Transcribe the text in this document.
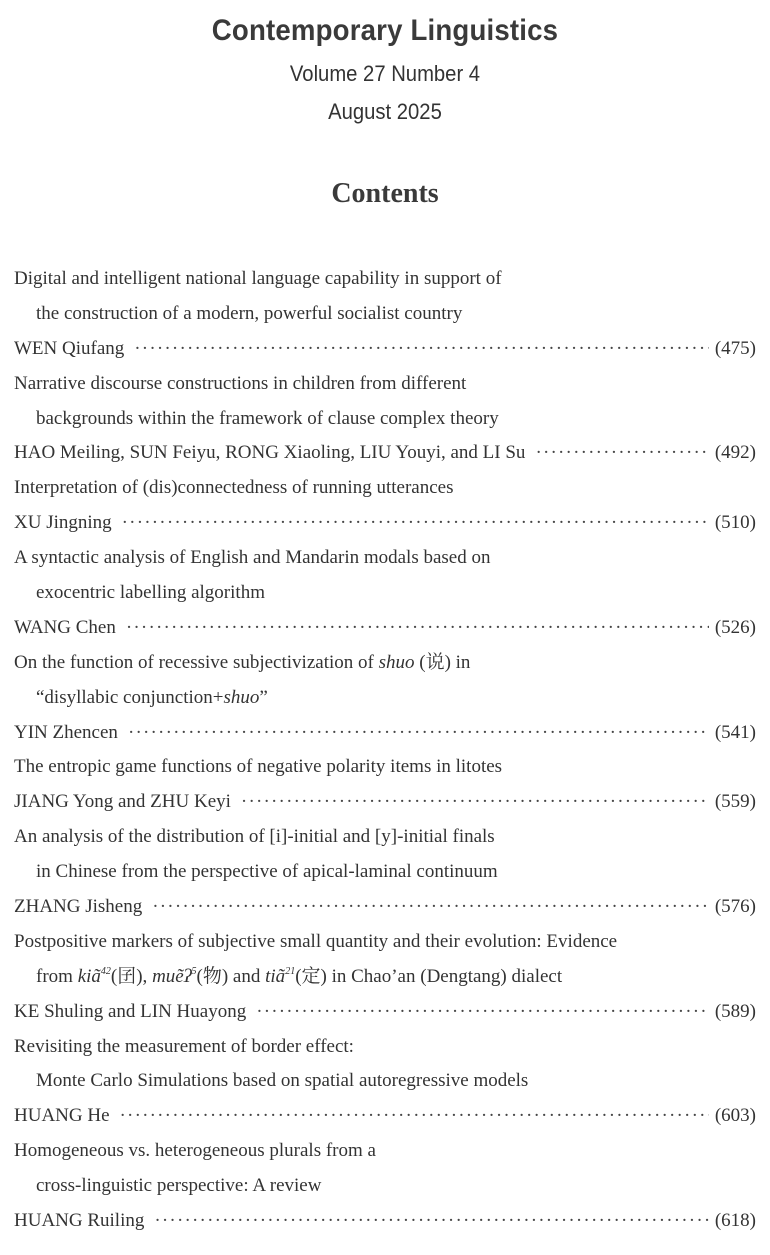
Contemporary Linguistics
Volume 27 Number 4
August 2025
Contents
Digital and intelligent national language capability in support of
the construction of a modern, powerful socialist country
WEN Qiufang ·····	(475)
Narrative discourse constructions in children from different
backgrounds within the framework of clause complex theory
HAO Meiling, SUN Feiyu, RONG Xiaoling, LIU Youyi, and LI Su ·····	(492)
Interpretation of (dis)connectedness of running utterances
XU Jingning ·····	(510)
A syntactic analysis of English and Mandarin modals based on
exocentric labelling algorithm
WANG Chen ·····	(526)
On the function of recessive subjectivization of shuo (说) in
“disyllabic conjunction+shuo”
YIN Zhencen ·····	(541)
The entropic game functions of negative polarity items in litotes
JIANG Yong and ZHU Keyi ·····	(559)
An analysis of the distribution of [i]-initial and [y]-initial finals
in Chinese from the perspective of apical-laminal continuum
ZHANG Jisheng ·····	(576)
Postpositive markers of subjective small quantity and their evolution: Evidence
from kiã$^{42}$(囝), muẽʔ$^5$(物) and tiã$^{21}$(定) in Chao’an (Dengtang) dialect
KE Shuling and LIN Huayong ·····	(589)
Revisiting the measurement of border effect:
Monte Carlo Simulations based on spatial autoregressive models
HUANG He ·····	(603)
Homogeneous vs. heterogeneous plurals from a
cross-linguistic perspective: A review
HUANG Ruiling ·····	(618)
